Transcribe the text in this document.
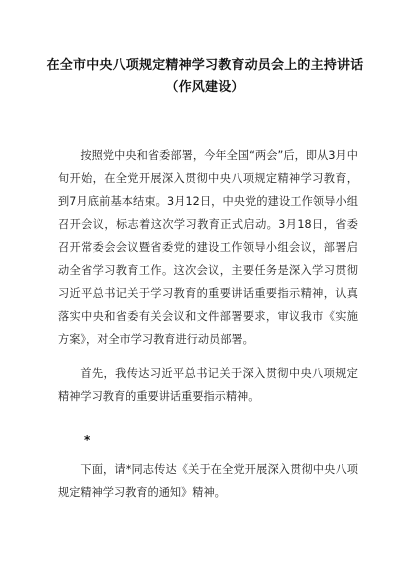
在全市中央八项规定精神学习教育动员会上的主持讲话
（作风建设）

按照党中央和省委部署，今年全国“两会”后，即从3月中旬开始，在全党开展深入贯彻中央八项规定精神学习教育，到7月底前基本结束。3月12日，中央党的建设工作领导小组召开会议，标志着这次学习教育正式启动。3月18日，省委召开常委会会议暨省委党的建设工作领导小组会议，部署启动全省学习教育工作。这次会议，主要任务是深入学习贯彻习近平总书记关于学习教育的重要讲话重要指示精神，认真落实中央和省委有关会议和文件部署要求，审议我市《实施方案》，对全市学习教育进行动员部署。

首先，我传达习近平总书记关于深入贯彻中央八项规定精神学习教育的重要讲话重要指示精神。

*

下面，请*同志传达《关于在全党开展深入贯彻中央八项规定精神学习教育的通知》精神。
